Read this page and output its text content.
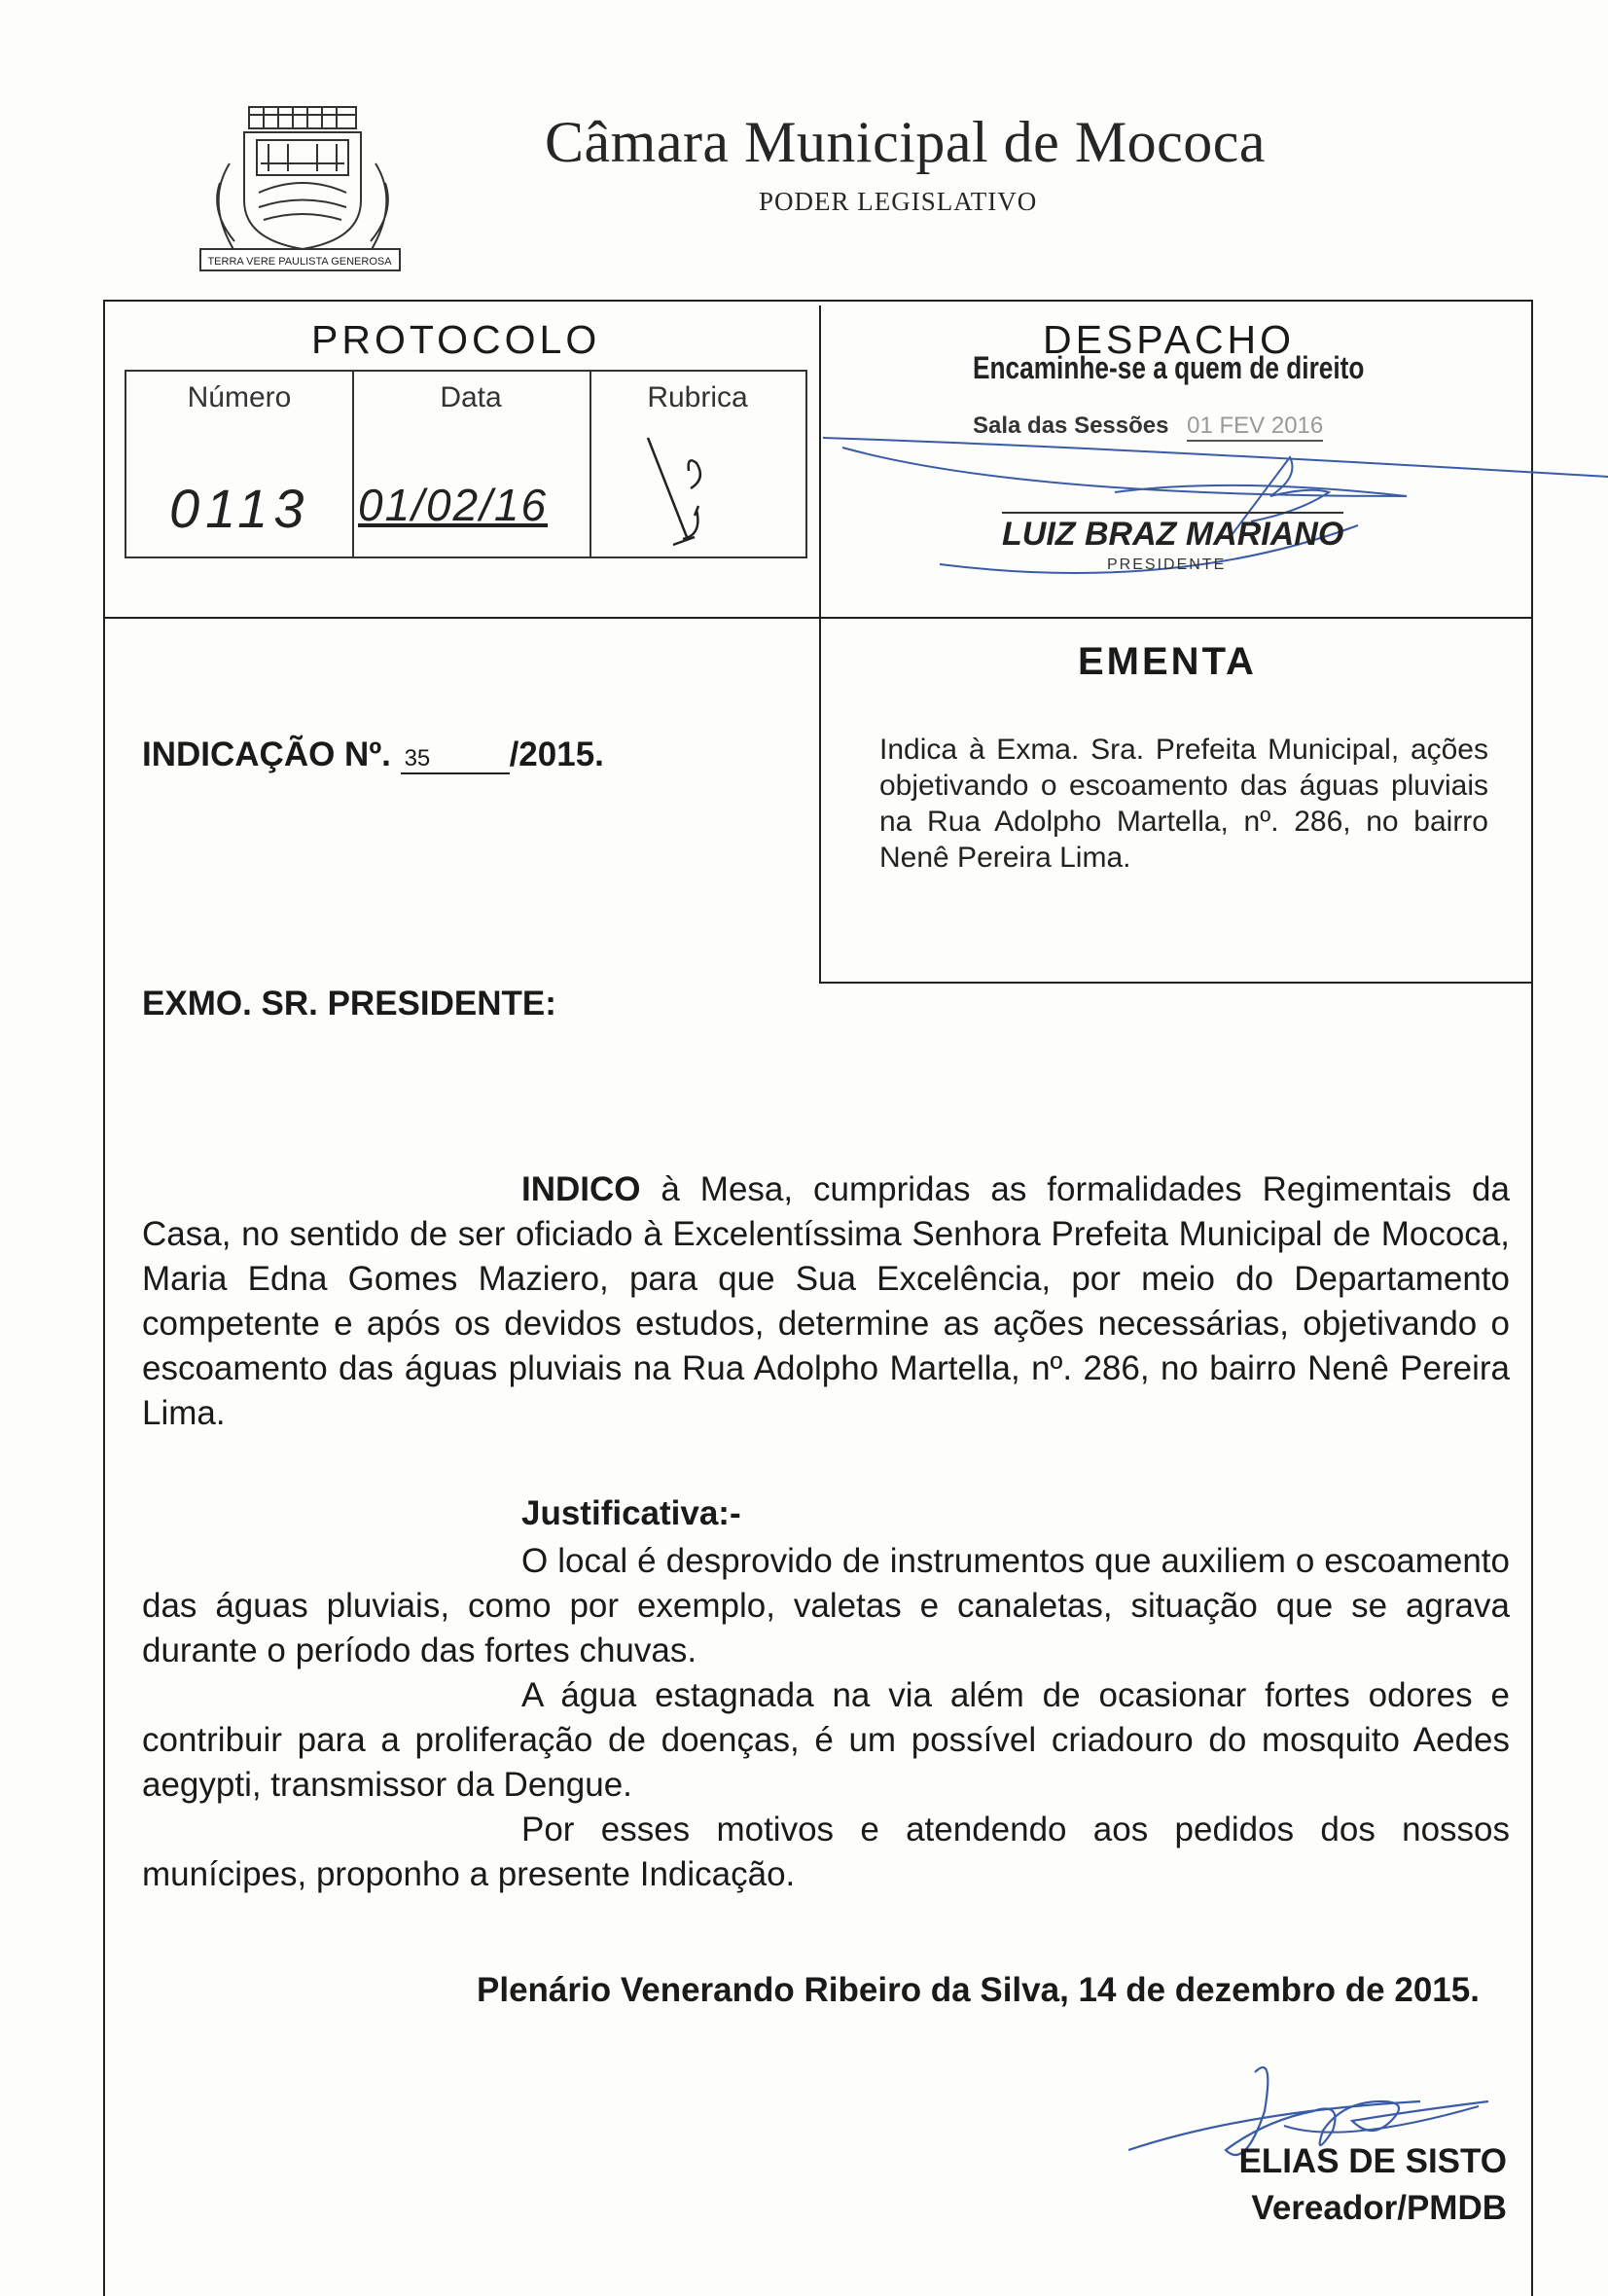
TERRA VERE PAULISTA GENEROSA
Câmara Municipal de Mococa
PODER LEGISLATIVO
PROTOCOLO
Número
0113
Data
01/02/16
Rubrica
DESPACHO
Encaminhe-se a quem de direito
Sala das Sessões 01 FEV 2016
LUIZ BRAZ MARIANO
PRESIDENTE
EMENTA
Indica à Exma. Sra. Prefeita Municipal, ações objetivando o escoamento das águas pluviais na Rua Adolpho Martella, nº. 286, no bairro Nenê Pereira Lima.
INDICAÇÃO Nº. 35 /2015.
EXMO. SR. PRESIDENTE:
INDICO à Mesa, cumpridas as formalidades Regimentais da Casa, no sentido de ser oficiado à Excelentíssima Senhora Prefeita Municipal de Mococa, Maria Edna Gomes Maziero, para que Sua Excelência, por meio do Departamento competente e após os devidos estudos, determine as ações necessárias, objetivando o escoamento das águas pluviais na Rua Adolpho Martella, nº. 286, no bairro Nenê Pereira Lima.
Justificativa:-
O local é desprovido de instrumentos que auxiliem o escoamento das águas pluviais, como por exemplo, valetas e canaletas, situação que se agrava durante o período das fortes chuvas.
A água estagnada na via além de ocasionar fortes odores e contribuir para a proliferação de doenças, é um possível criadouro do mosquito Aedes aegypti, transmissor da Dengue.
Por esses motivos e atendendo aos pedidos dos nossos munícipes, proponho a presente Indicação.
Plenário Venerando Ribeiro da Silva, 14 de dezembro de 2015.
ELIAS DE SISTO
Vereador/PMDB
